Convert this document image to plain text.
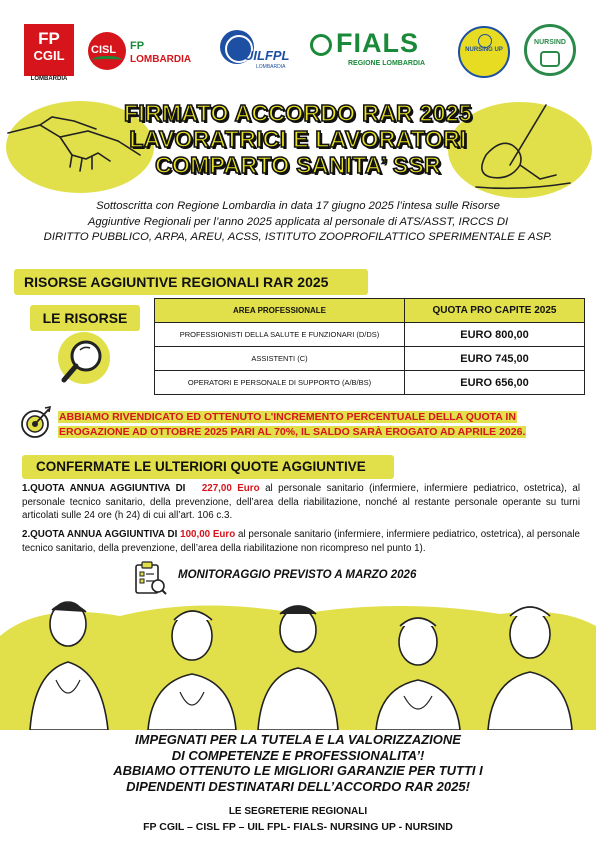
FP
CGIL
LOMBARDIA
CISL FP
LOMBARDIA	UILFPL
LOMBARDIA
FIALS
REGIONE LOMBARDIA
NURSING UP
NURSIND
FIRMATO ACCORDO RAR 2025
LAVORATRICI E LAVORATORI
COMPARTO SANITA’ SSR
Sottoscritta con Regione Lombardia in data 17 giugno 2025 l’intesa sulle Risorse
Aggiuntive Regionali per l’anno 2025 applicata al personale di ATS/ASST, IRCCS DI
DIRITTO PUBBLICO, ARPA, AREU, ACSS, ISTITUTO ZOOPROFILATTICO SPERIMENTALE E ASP.
RISORSE AGGIUNTIVE REGIONALI RAR 2025
LE RISORSE	AREA PROFESSIONALE	QUOTA PRO CAPITE 2025
PROFESSIONISTI DELLA SALUTE E FUNZIONARI (D/DS)	EURO 800,00
ASSISTENTI (C)	EURO 745,00
OPERATORI E PERSONALE DI SUPPORTO (A/B/BS)	EURO 656,00
ABBIAMO RIVENDICATO ED OTTENUTO L'INCREMENTO PERCENTUALE DELLA QUOTA IN
EROGAZIONE AD OTTOBRE 2025 PARI AL 70%, IL SALDO SARÀ EROGATO AD APRILE 2026.
CONFERMATE LE ULTERIORI QUOTE AGGIUNTIVE
1.QUOTA ANNUA AGGIUNTIVA DI 227,00 Euro al personale sanitario (infermiere, infermiere pediatrico, ostetrica), al personale tecnico sanitario, della prevenzione, dell’area della riabilitazione, nonché al restante personale operante su turni articolati sulle 24 ore (h 24) di cui all’art. 106 c.3.
2.QUOTA ANNUA AGGIUNTIVA DI 100,00 Euro al personale sanitario (infermiere, infermiere pediatrico, ostetrica), al personale tecnico sanitario, della prevenzione, dell’area della riabilitazione non ricompreso nel punto 1).
MONITORAGGIO PREVISTO A MARZO 2026
IMPEGNATI PER LA TUTELA E LA VALORIZZAZIONE
DI COMPETENZE E PROFESSIONALITA’!
ABBIAMO OTTENUTO LE MIGLIORI GARANZIE PER TUTTI I
DIPENDENTI DESTINATARI DELL’ACCORDO RAR 2025!
LE SEGRETERIE REGIONALI
FP CGIL – CISL FP – UIL FPL- FIALS- NURSING UP - NURSIND
